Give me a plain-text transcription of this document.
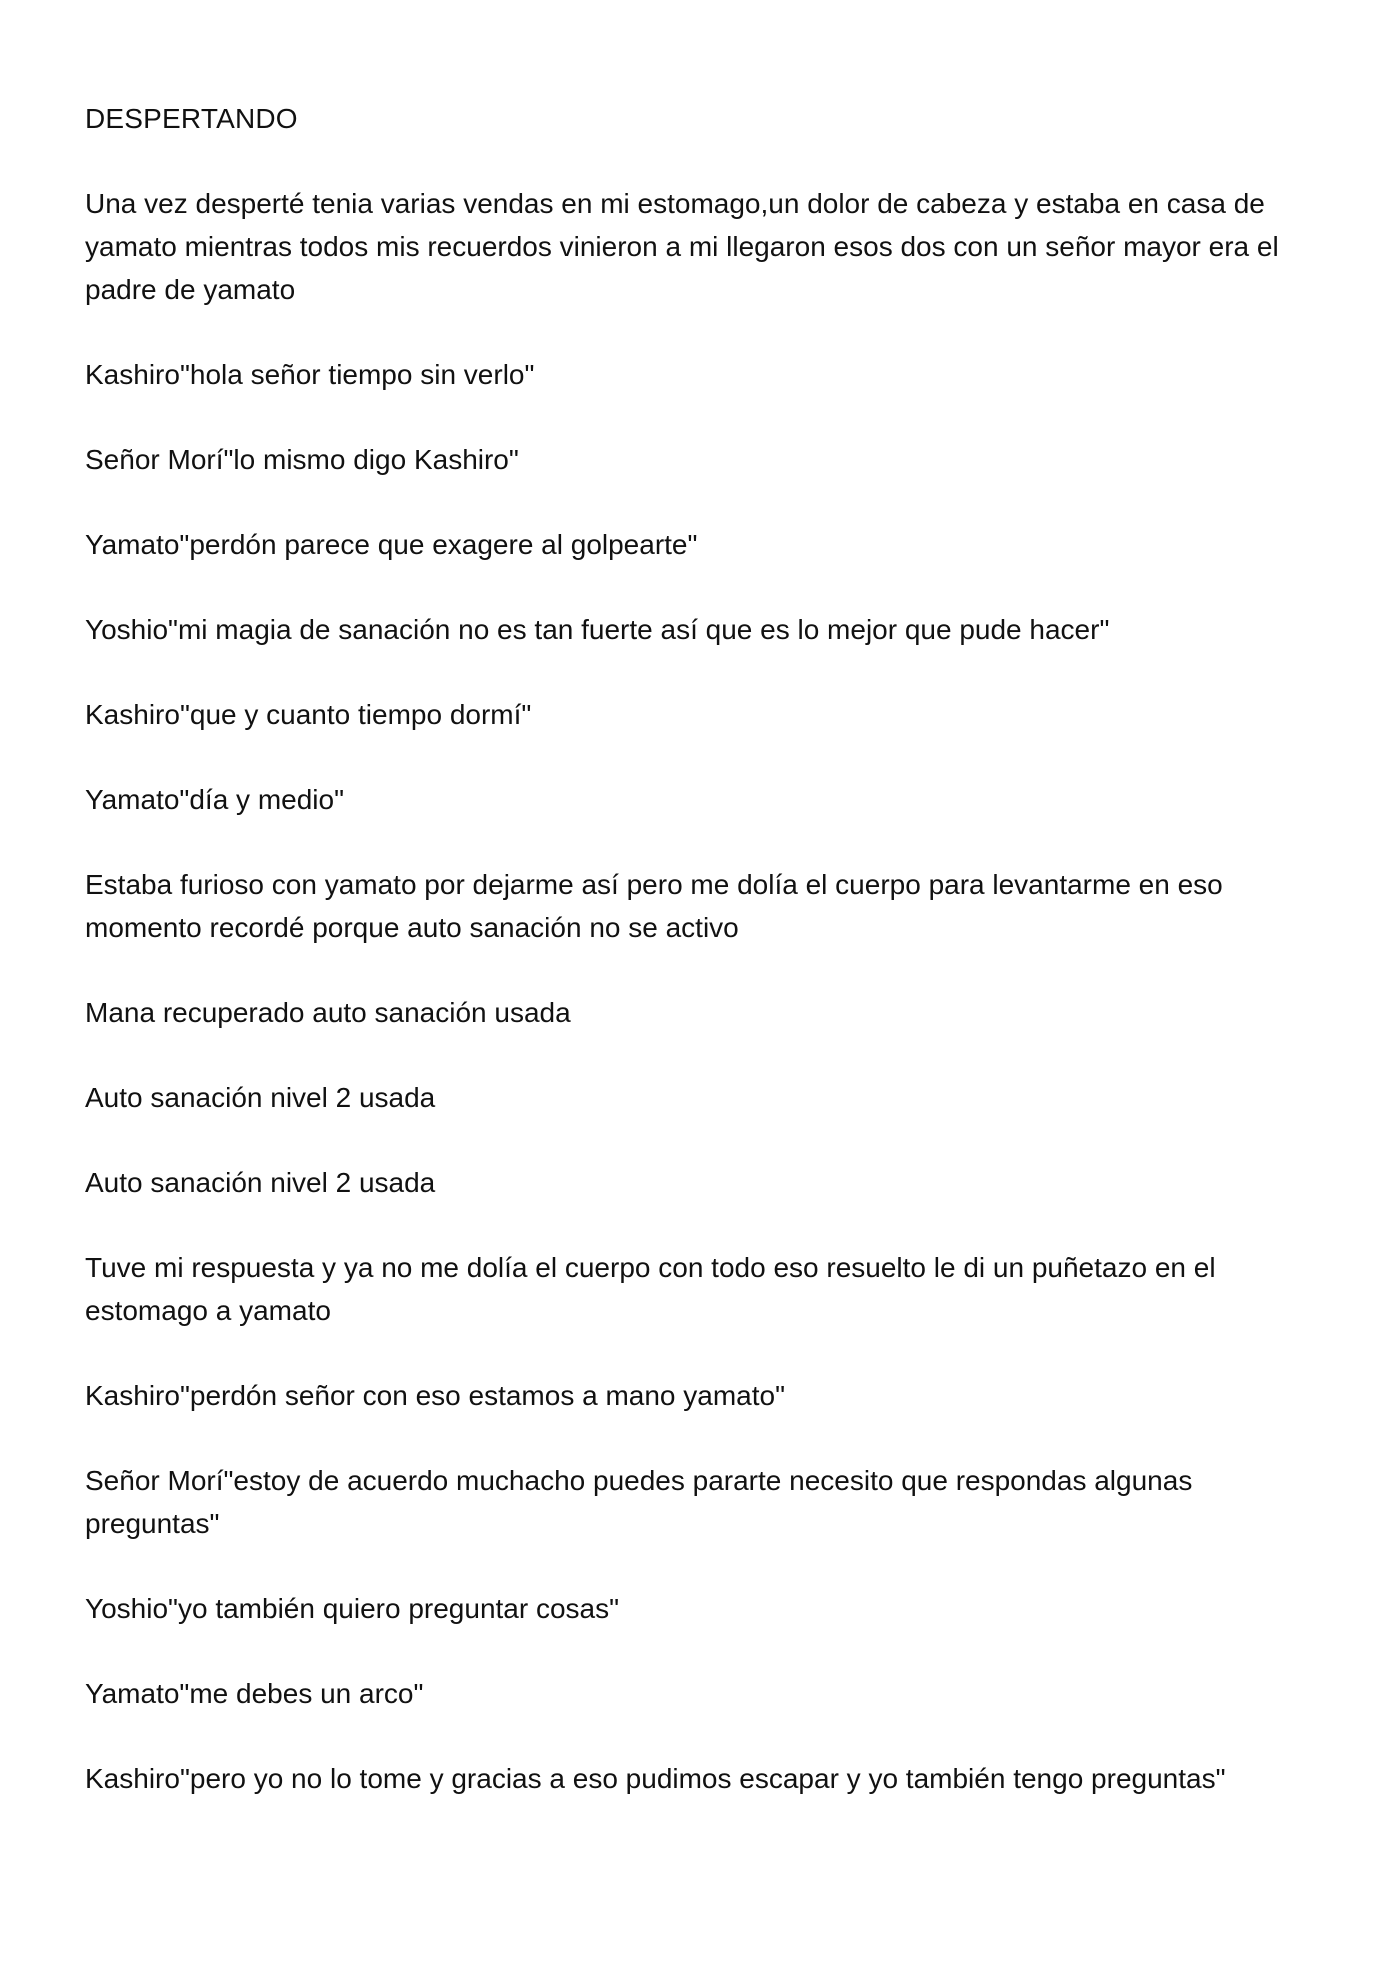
DESPERTANDO

Una vez desperté tenia varias vendas en mi estomago,un dolor de cabeza y estaba en casa de yamato mientras todos mis recuerdos vinieron a mi llegaron esos dos con un señor mayor era el padre de yamato

Kashiro"hola señor tiempo sin verlo"

Señor Morí"lo mismo digo Kashiro"

Yamato"perdón parece que exagere al golpearte"

Yoshio"mi magia de sanación no es tan fuerte así que es lo mejor que pude hacer"

Kashiro"que y cuanto tiempo dormí"

Yamato"día y medio"

Estaba furioso con yamato por dejarme así pero me dolía el cuerpo para levantarme en eso momento recordé porque auto sanación no se activo

Mana recuperado auto sanación usada

Auto sanación nivel 2 usada

Auto sanación nivel 2 usada

Tuve mi respuesta y ya no me dolía el cuerpo con todo eso resuelto le di un puñetazo en el estomago a yamato

Kashiro"perdón señor con eso estamos a mano yamato"

Señor Morí"estoy de acuerdo muchacho puedes pararte necesito que respondas algunas preguntas"

Yoshio"yo también quiero preguntar cosas"

Yamato"me debes un arco"

Kashiro"pero yo no lo tome y gracias a eso pudimos escapar y yo también tengo preguntas"
